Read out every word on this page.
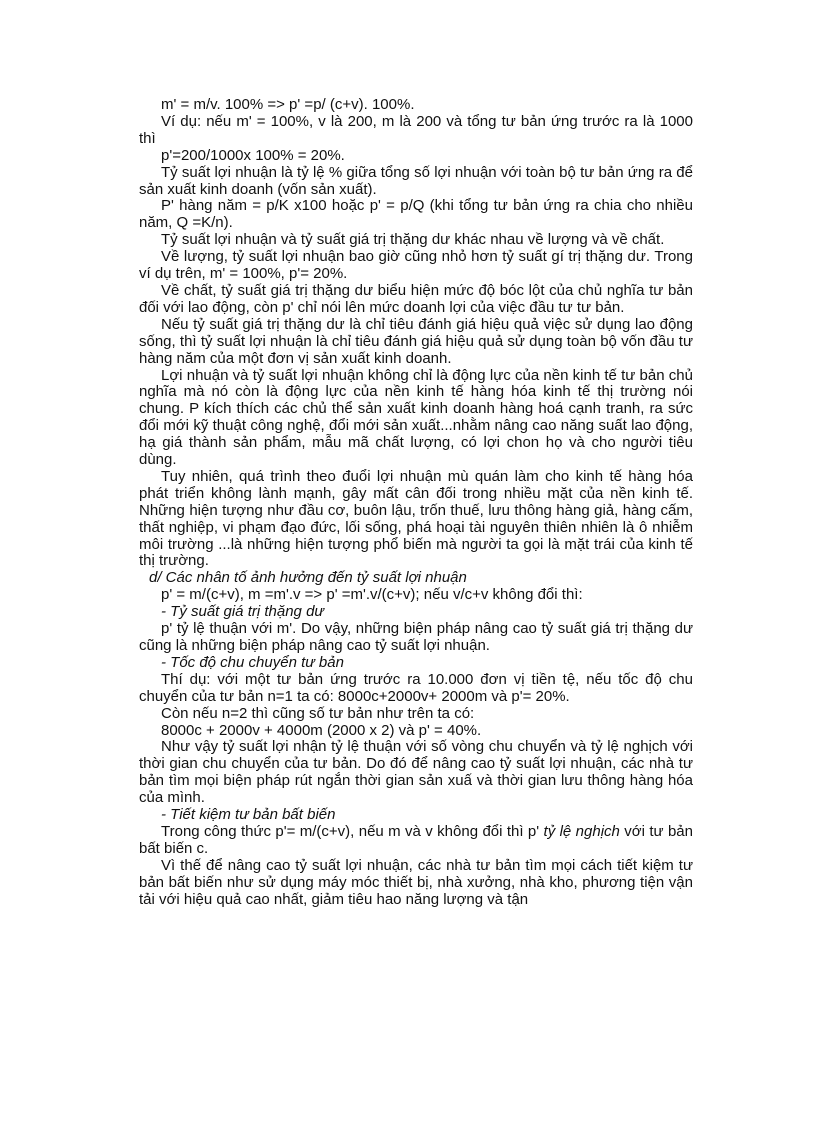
m' = m/v. 100% => p' =p/ (c+v). 100%.

Ví dụ: nếu m' = 100%, v là 200, m là 200 và tổng tư bản ứng trước ra là 1000 thì

p'=200/1000x 100% = 20%.

Tỷ suất lợi nhuận là tỷ lệ % giữa tổng số lợi nhuận với toàn bộ tư bản ứng ra để sản xuất kinh doanh (vốn sản xuất).

P' hàng năm = p/K x100 hoặc p' = p/Q (khi tổng tư bản ứng ra chia cho nhiều năm, Q =K/n).

Tỷ suất lợi nhuận và tỷ suất giá trị thặng dư khác nhau về lượng và về chất.

Về lượng, tỷ suất lợi nhuận bao giờ cũng nhỏ hơn tỷ suất gí trị thặng dư. Trong ví dụ trên, m' = 100%, p'= 20%.

Về chất, tỷ suất giá trị thặng dư biểu hiện mức độ bóc lột của chủ nghĩa tư bản đối với lao động, còn p' chỉ nói lên mức doanh lợi của việc đầu tư tư bản.

Nếu tỷ suất giá trị thặng dư là chỉ tiêu đánh giá hiệu quả việc sử dụng lao động sống, thì tỷ suất lợi nhuận là chỉ tiêu đánh giá hiệu quả sử dụng toàn bộ vốn đầu tư hàng năm của một đơn vị sản xuất kinh doanh.

Lợi nhuận và tỷ suất lợi nhuận không chỉ là động lực của nền kinh tế tư bản chủ nghĩa mà nó còn là động lực của nền kinh tế hàng hóa kinh tế thị trường nói chung. P kích thích các chủ thể sản xuất kinh doanh hàng hoá cạnh tranh, ra sức đổi mới kỹ thuật công nghệ, đổi mới sản xuất...nhằm nâng cao năng suất lao động, hạ giá thành sản phẩm, mẫu mã chất lượng, có lợi chon họ và cho người tiêu dùng.

Tuy nhiên, quá trình theo đuổi lợi nhuận mù quán làm cho kinh tế hàng hóa phát triển không lành mạnh, gây mất cân đối trong nhiều mặt của nền kinh tế. Những hiện tượng như đầu cơ, buôn lậu, trốn thuế, lưu thông hàng giả, hàng cấm, thất nghiệp, vi phạm đạo đức, lối sống, phá hoại tài nguyên thiên nhiên là ô nhiễm môi trường ...là những hiện tượng phổ biến mà người ta gọi là mặt trái của kinh tế thị trường.

d/ Các nhân tố ảnh hưởng đến tỷ suất lợi nhuận

p' = m/(c+v), m =m'.v => p' =m'.v/(c+v); nếu v/c+v không đổi thì:

- Tỷ suất giá trị thặng dư

p' tỷ lệ thuận với m'. Do vậy, những biện pháp nâng cao tỷ suất giá trị thặng dư cũng là những biện pháp nâng cao tỷ suất lợi nhuận.

- Tốc độ chu chuyển tư bản

Thí dụ: với một tư bản ứng trước ra 10.000 đơn vị tiền tệ, nếu tốc độ chu chuyển của tư bản n=1 ta có: 8000c+2000v+ 2000m và p'= 20%.

Còn nếu n=2 thì cũng số tư bản như trên ta có:

8000c + 2000v + 4000m (2000 x 2) và p' = 40%.

Như vậy tỷ suất lợi nhận tỷ lệ thuận với số vòng chu chuyển và tỷ lệ nghịch với thời gian chu chuyển của tư bản. Do đó để nâng cao tỷ suất lợi nhuận, các nhà tư bản tìm mọi biện pháp rút ngắn thời gian sản xuấ và thời gian lưu thông hàng hóa của mình.

- Tiết kiệm tư bản bất biến

Trong công thức p'= m/(c+v), nếu m và v không đổi thì p' tỷ lệ nghịch với tư bản bất biến c.

Vì thế để nâng cao tỷ suất lợi nhuận, các nhà tư bản tìm mọi cách tiết kiệm tư bản bất biến như sử dụng máy móc thiết bị, nhà xưởng, nhà kho, phương tiện vận tải với hiệu quả cao nhất, giảm tiêu hao năng lượng và tận
